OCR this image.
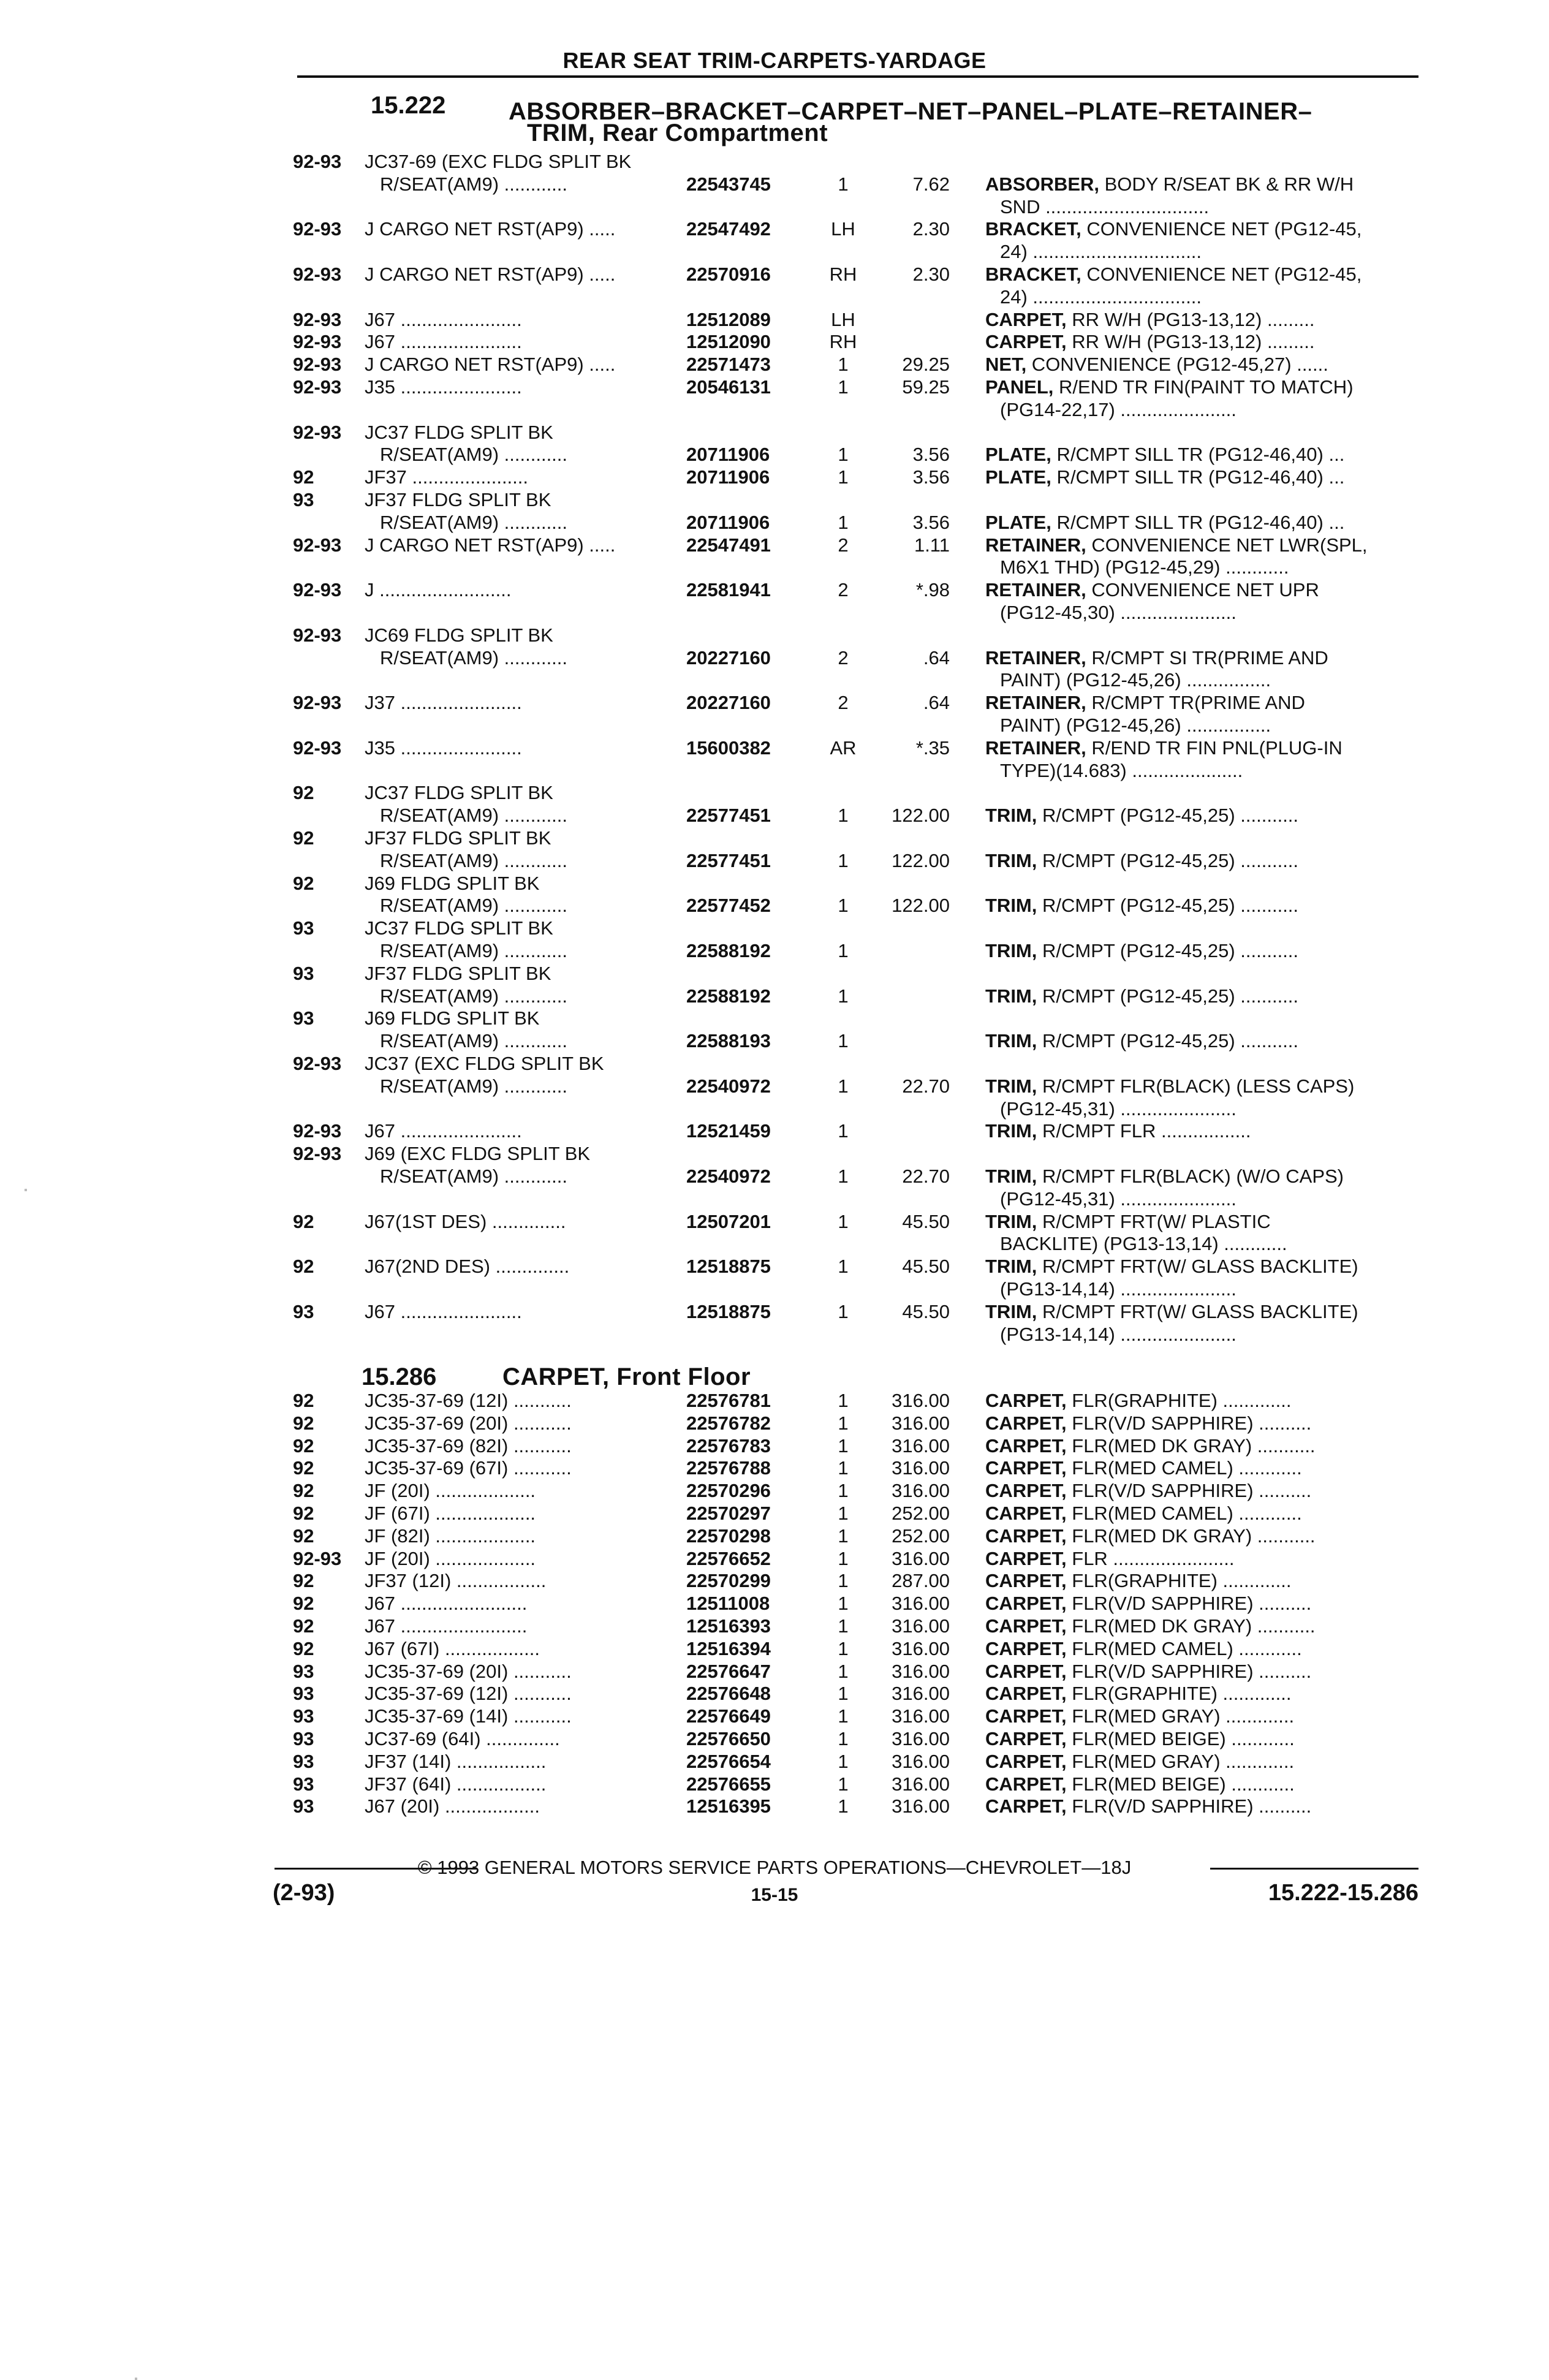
REAR SEAT TRIM-CARPETS-YARDAGE
15.222	ABSORBER–BRACKET–CARPET–NET–PANEL–PLATE–RETAINER–
TRIM, Rear Compartment
92-93 JC37-69 (EXC FLDG SPLIT BK
R/SEAT(AM9) ............	22543745	1	7.62 ABSORBER, BODY R/SEAT BK & RR W/H
SND ...............................
92-93 J CARGO NET RST(AP9) .....	22547492	LH	2.30 BRACKET, CONVENIENCE NET (PG12-45,
24) ................................
92-93 J CARGO NET RST(AP9) .....	22570916	RH	2.30 BRACKET, CONVENIENCE NET (PG12-45,
24) ................................
92-93 J67 .......................	12512089	LH	CARPET, RR W/H (PG13-13,12) .........
92-93 J67 .......................	12512090	RH	CARPET, RR W/H (PG13-13,12) .........
92-93 J CARGO NET RST(AP9) .....	22571473	1	29.25 NET, CONVENIENCE (PG12-45,27) ......
92-93 J35 .......................	20546131	1	59.25 PANEL, R/END TR FIN(PAINT TO MATCH)
(PG14-22,17) ......................
92-93 JC37 FLDG SPLIT BK
R/SEAT(AM9) ............	20711906	1	3.56 PLATE, R/CMPT SILL TR (PG12-46,40) ...
92	JF37 ......................	20711906	1	3.56 PLATE, R/CMPT SILL TR (PG12-46,40) ...
93	JF37 FLDG SPLIT BK
R/SEAT(AM9) ............	20711906	1	3.56 PLATE, R/CMPT SILL TR (PG12-46,40) ...
92-93 J CARGO NET RST(AP9) .....	22547491	2	1.11 RETAINER, CONVENIENCE NET LWR(SPL,
M6X1 THD) (PG12-45,29) ............
92-93 J .........................	22581941	2	*.98 RETAINER, CONVENIENCE NET UPR
(PG12-45,30) ......................
92-93 JC69 FLDG SPLIT BK
R/SEAT(AM9) ............	20227160	2	.64 RETAINER, R/CMPT SI TR(PRIME AND
PAINT) (PG12-45,26) ................
92-93 J37 .......................	20227160	2	.64 RETAINER, R/CMPT TR(PRIME AND
PAINT) (PG12-45,26) ................
92-93 J35 .......................	15600382	AR	*.35 RETAINER, R/END TR FIN PNL(PLUG-IN
TYPE)(14.683) .....................
92	JC37 FLDG SPLIT BK
R/SEAT(AM9) ............	22577451	1	122.00 TRIM, R/CMPT (PG12-45,25) ...........
92	JF37 FLDG SPLIT BK
R/SEAT(AM9) ............	22577451	1	122.00 TRIM, R/CMPT (PG12-45,25) ...........
92	J69 FLDG SPLIT BK
R/SEAT(AM9) ............	22577452	1	122.00 TRIM, R/CMPT (PG12-45,25) ...........
93	JC37 FLDG SPLIT BK
R/SEAT(AM9) ............	22588192	1	TRIM, R/CMPT (PG12-45,25) ...........
93	JF37 FLDG SPLIT BK
R/SEAT(AM9) ............	22588192	1	TRIM, R/CMPT (PG12-45,25) ...........
93	J69 FLDG SPLIT BK
R/SEAT(AM9) ............	22588193	1	TRIM, R/CMPT (PG12-45,25) ...........
92-93 JC37 (EXC FLDG SPLIT BK
R/SEAT(AM9) ............	22540972	1	22.70 TRIM, R/CMPT FLR(BLACK) (LESS CAPS)
(PG12-45,31) ......................
92-93 J67 .......................	12521459	1	TRIM, R/CMPT FLR .................
92-93 J69 (EXC FLDG SPLIT BK
R/SEAT(AM9) ............	22540972	1	22.70 TRIM, R/CMPT FLR(BLACK) (W/O CAPS)
(PG12-45,31) ......................
92	J67(1ST DES) ..............	12507201	1	45.50 TRIM, R/CMPT FRT(W/ PLASTIC
BACKLITE) (PG13-13,14) ............
92	J67(2ND DES) ..............	12518875	1	45.50 TRIM, R/CMPT FRT(W/ GLASS BACKLITE)
(PG13-14,14) ......................
93	J67 .......................	12518875	1	45.50 TRIM, R/CMPT FRT(W/ GLASS BACKLITE)
(PG13-14,14) ......................
15.286	CARPET, Front Floor
92	JC35-37-69 (12I) ...........	22576781	1	316.00 CARPET, FLR(GRAPHITE) .............
92	JC35-37-69 (20I) ...........	22576782	1	316.00 CARPET, FLR(V/D SAPPHIRE) ..........
92	JC35-37-69 (82I) ...........	22576783	1	316.00 CARPET, FLR(MED DK GRAY) ...........
92	JC35-37-69 (67I) ...........	22576788	1	316.00 CARPET, FLR(MED CAMEL) ............
92	JF (20I) ...................	22570296	1	316.00 CARPET, FLR(V/D SAPPHIRE) ..........
92	JF (67I) ...................	22570297	1	252.00 CARPET, FLR(MED CAMEL) ............
92	JF (82I) ...................	22570298	1	252.00 CARPET, FLR(MED DK GRAY) ...........
92-93 JF (20I) ...................	22576652	1	316.00 CARPET, FLR .......................
92	JF37 (12I) .................	22570299	1	287.00 CARPET, FLR(GRAPHITE) .............
92	J67 ........................	12511008	1	316.00 CARPET, FLR(V/D SAPPHIRE) ..........
92	J67 ........................	12516393	1	316.00 CARPET, FLR(MED DK GRAY) ...........
92	J67 (67I) ..................	12516394	1	316.00 CARPET, FLR(MED CAMEL) ............
93	JC35-37-69 (20I) ...........	22576647	1	316.00 CARPET, FLR(V/D SAPPHIRE) ..........
93	JC35-37-69 (12I) ...........	22576648	1	316.00 CARPET, FLR(GRAPHITE) .............
93	JC35-37-69 (14I) ...........	22576649	1	316.00 CARPET, FLR(MED GRAY) .............
93	JC37-69 (64I) ..............	22576650	1	316.00 CARPET, FLR(MED BEIGE) ............
93	JF37 (14I) .................	22576654	1	316.00 CARPET, FLR(MED GRAY) .............
93	JF37 (64I) .................	22576655	1	316.00 CARPET, FLR(MED BEIGE) ............
93	J67 (20I) ..................	12516395	1	316.00 CARPET, FLR(V/D SAPPHIRE) ..........
© 1993 GENERAL MOTORS SERVICE PARTS OPERATIONS—CHEVROLET—18J
(2-93)	15-15	15.222-15.286
